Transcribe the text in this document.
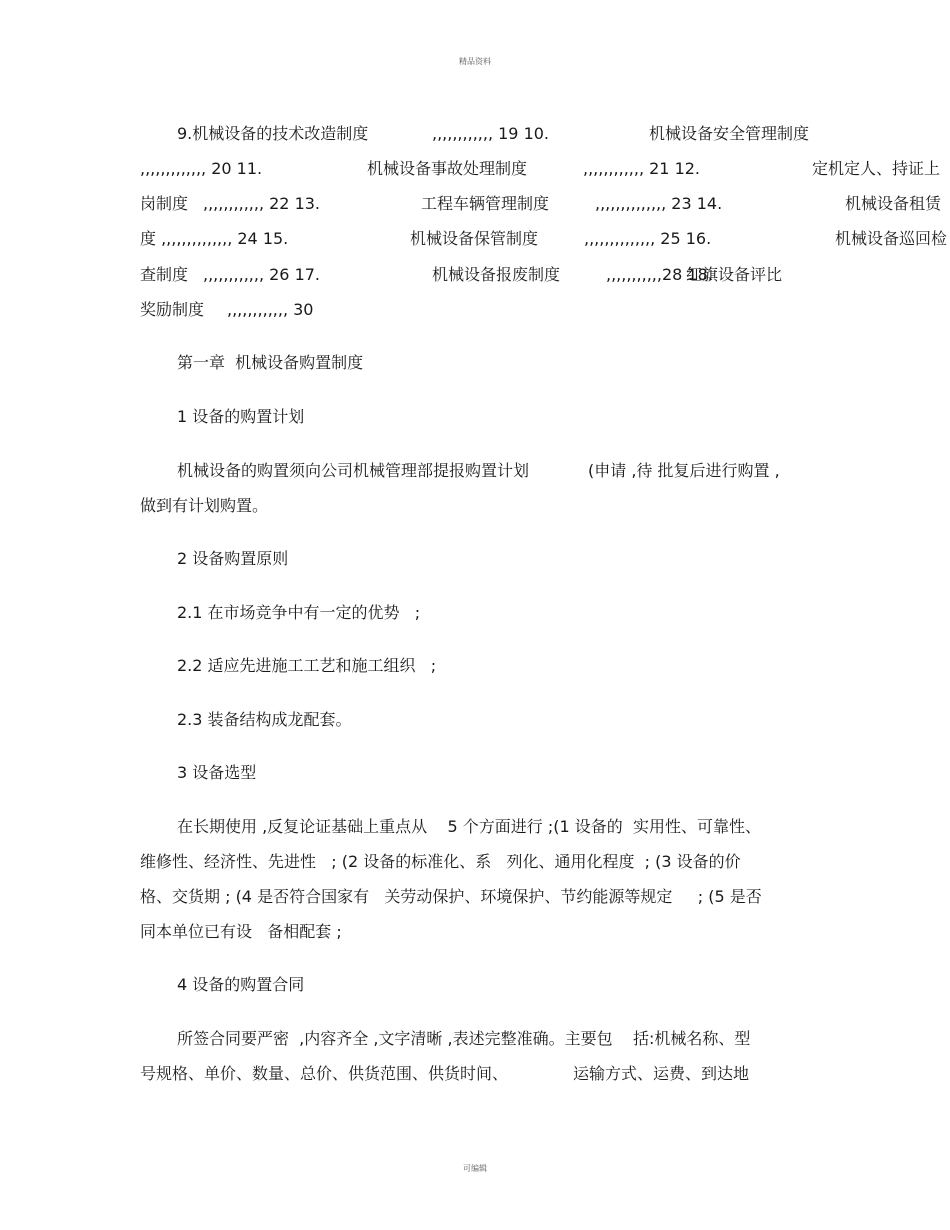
精品资料
9.机械设备的技术改造制度	,,,,,,,,,,,, 19 10.	机械设备安全管理制度
,,,,,,,,,,,,, 20 11.	机械设备事故处理制度	,,,,,,,,,,,, 21 12.	定机定人、持证上
岗制度 ,,,,,,,,,,,, 22 13.	工程车辆管理制度	,,,,,,,,,,,,,, 23 14.	机械设备租赁
度 ,,,,,,,,,,,,,, 24 15.	机械设备保管制度	,,,,,,,,,,,,,, 25 16.	机械设备巡回检
查制度 ,,,,,,,,,,,, 26 17.	机械设备报废制度	,,,,,,,,,,,28 18.
红旗设备评比
奖励制度 ,,,,,,,,,,,, 30
第一章  机械设备购置制度
1 设备的购置计划
机械设备的购置须向公司机械管理部提报购置计划	(申请 ,待 批复后进行购置 ,
做到有计划购置。
2 设备购置原则
2.1 在市场竞争中有一定的优势   ;
2.2 适应先进施工工艺和施工组织   ;
2.3 装备结构成龙配套。
3 设备选型
在长期使用 ,反复论证基础上重点从    5 个方面进行 ;(1 设备的  实用性、可靠性、
维修性、经济性、先进性   ; (2 设备的标准化、系   列化、通用化程度  ; (3 设备的价
格、交货期 ; (4 是否符合国家有   关劳动保护、环境保护、节约能源等规定     ; (5 是否
同本单位已有设   备相配套 ;
4 设备的购置合同
所签合同要严密  ,内容齐全 ,文字清晰 ,表述完整准确。主要包    括:机械名称、型
号规格、单价、数量、总价、供货范围、供货时间、	运输方式、运费、到达地
可编辑
